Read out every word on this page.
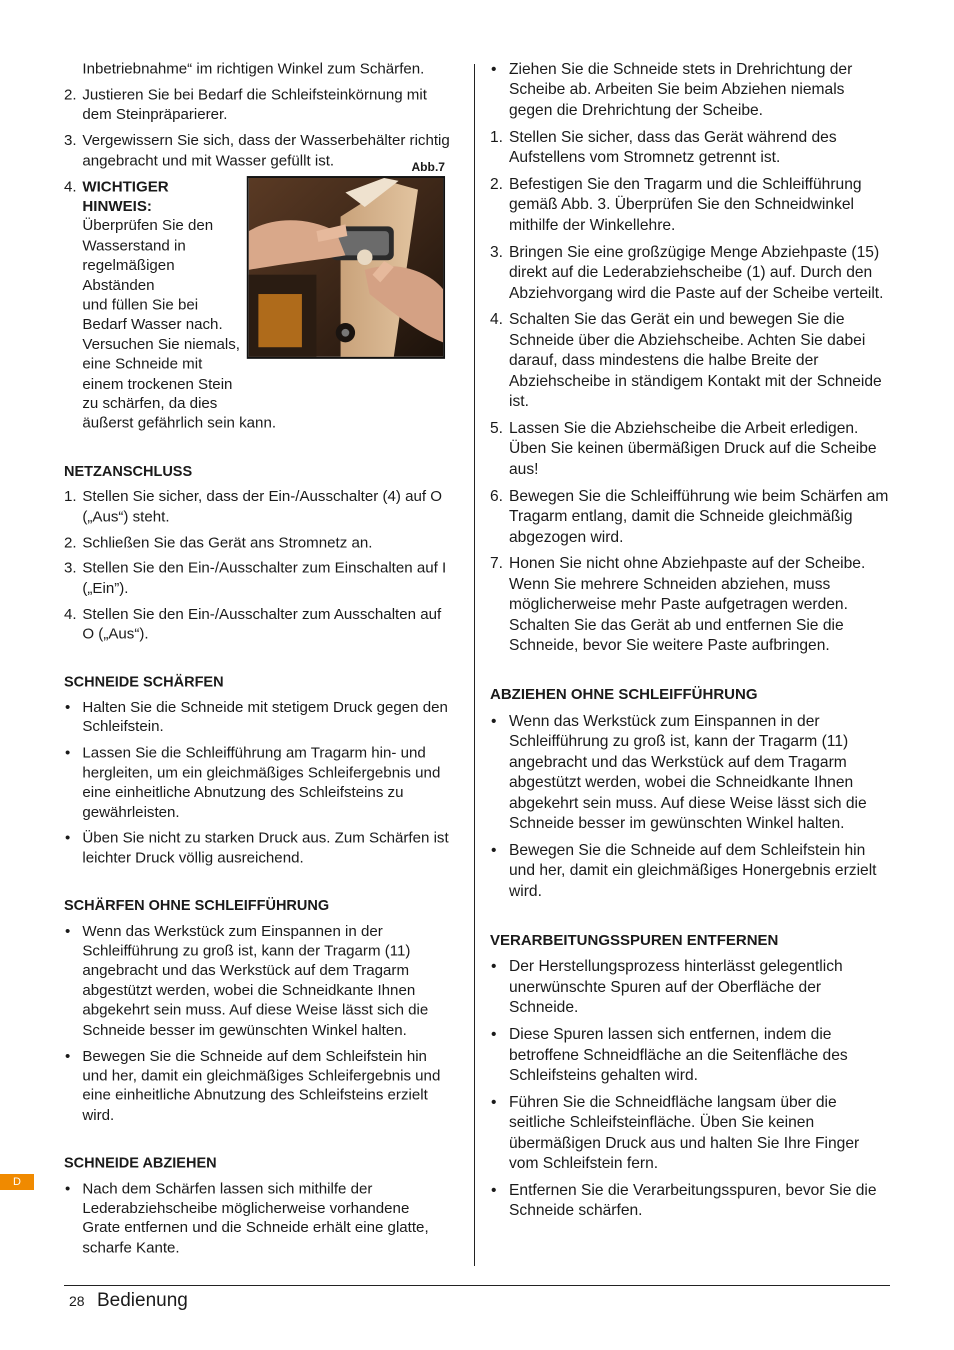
Inbetriebnahme“ im richtigen Winkel zum Schärfen.
2. Justieren Sie bei Bedarf die Schleifsteinkörnung mit dem Steinpräparierer.
3. Vergewissern Sie sich, dass der Wasserbehälter richtig angebracht und mit Wasser gefüllt ist.
4.
Abb.7
WICHTIGER HINWEIS:
Überprüfen Sie den
Wasserstand in
regelmäßigen Abständen
und füllen Sie bei
Bedarf Wasser nach.
Versuchen Sie niemals,
eine Schneide mit
einem trockenen Stein
zu schärfen, da dies
äußerst gefährlich sein kann.
NETZANSCHLUSS
1. Stellen Sie sicher, dass der Ein-/Ausschalter (4) auf O („Aus“) steht.
2. Schließen Sie das Gerät ans Stromnetz an.
3. Stellen Sie den Ein-/Ausschalter zum Einschalten auf I („Ein”).
4. Stellen Sie den Ein-/Ausschalter zum Ausschalten auf O („Aus“).
SCHNEIDE SCHÄRFEN
• Halten Sie die Schneide mit stetigem Druck gegen den Schleifstein.
• Lassen Sie die Schleifführung am Tragarm hin- und hergleiten, um ein gleichmäßiges Schleifergebnis und eine einheitliche Abnutzung des Schleifsteins zu gewährleisten.
• Üben Sie nicht zu starken Druck aus. Zum Schärfen ist leichter Druck völlig ausreichend.
SCHÄRFEN OHNE SCHLEIFFÜHRUNG
• Wenn das Werkstück zum Einspannen in der Schleifführung zu groß ist, kann der Tragarm (11) angebracht und das Werkstück auf dem Tragarm abgestützt werden, wobei die Schneidkante Ihnen abgekehrt sein muss. Auf diese Weise lässt sich die Schneide besser im gewünschten Winkel halten.
• Bewegen Sie die Schneide auf dem Schleifstein hin und her, damit ein gleichmäßiges Schleifergebnis und eine einheitliche Abnutzung des Schleifsteins erzielt wird.
SCHNEIDE ABZIEHEN
• Nach dem Schärfen lassen sich mithilfe der Lederabziehscheibe möglicherweise vorhandene Grate entfernen und die Schneide erhält eine glatte, scharfe Kante.
• Ziehen Sie die Schneide stets in Drehrichtung der Scheibe ab. Arbeiten Sie beim Abziehen niemals gegen die Drehrichtung der Scheibe.
1. Stellen Sie sicher, dass das Gerät während des Aufstellens vom Stromnetz getrennt ist.
2. Befestigen Sie den Tragarm und die Schleifführung gemäß Abb. 3. Überprüfen Sie den Schneidwinkel mithilfe der Winkellehre.
3. Bringen Sie eine großzügige Menge Abziehpaste (15) direkt auf die Lederabziehscheibe (1) auf. Durch den Abziehvorgang wird die Paste auf der Scheibe verteilt.
4. Schalten Sie das Gerät ein und bewegen Sie die Schneide über die Abziehscheibe. Achten Sie dabei darauf, dass mindestens die halbe Breite der Abziehscheibe in ständigem Kontakt mit der Schneide ist.
5. Lassen Sie die Abziehscheibe die Arbeit erledigen. Üben Sie keinen übermäßigen Druck auf die Scheibe aus!
6. Bewegen Sie die Schleifführung wie beim Schärfen am Tragarm entlang, damit die Schneide gleichmäßig abgezogen wird.
7. Honen Sie nicht ohne Abziehpaste auf der Scheibe. Wenn Sie mehrere Schneiden abziehen, muss möglicherweise mehr Paste aufgetragen werden. Schalten Sie das Gerät ab und entfernen Sie die Schneide, bevor Sie weitere Paste aufbringen.
ABZIEHEN OHNE SCHLEIFFÜHRUNG
• Wenn das Werkstück zum Einspannen in der Schleifführung zu groß ist, kann der Tragarm (11) angebracht und das Werkstück auf dem Tragarm abgestützt werden, wobei die Schneidkante Ihnen abgekehrt sein muss. Auf diese Weise lässt sich die Schneide besser im gewünschten Winkel halten.
• Bewegen Sie die Schneide auf dem Schleifstein hin und her, damit ein gleichmäßiges Honergebnis erzielt wird.
VERARBEITUNGSSPUREN ENTFERNEN
• Der Herstellungsprozess hinterlässt gelegentlich unerwünschte Spuren auf der Oberfläche der Schneide.
• Diese Spuren lassen sich entfernen, indem die betroffene Schneidfläche an die Seitenfläche des Schleifsteins gehalten wird.
• Führen Sie die Schneidfläche langsam über die seitliche Schleifsteinfläche. Üben Sie keinen übermäßigen Druck aus und halten Sie Ihre Finger vom Schleifstein fern.
• Entfernen Sie die Verarbeitungsspuren, bevor Sie die Schneide schärfen.
D
28 Bedienung
